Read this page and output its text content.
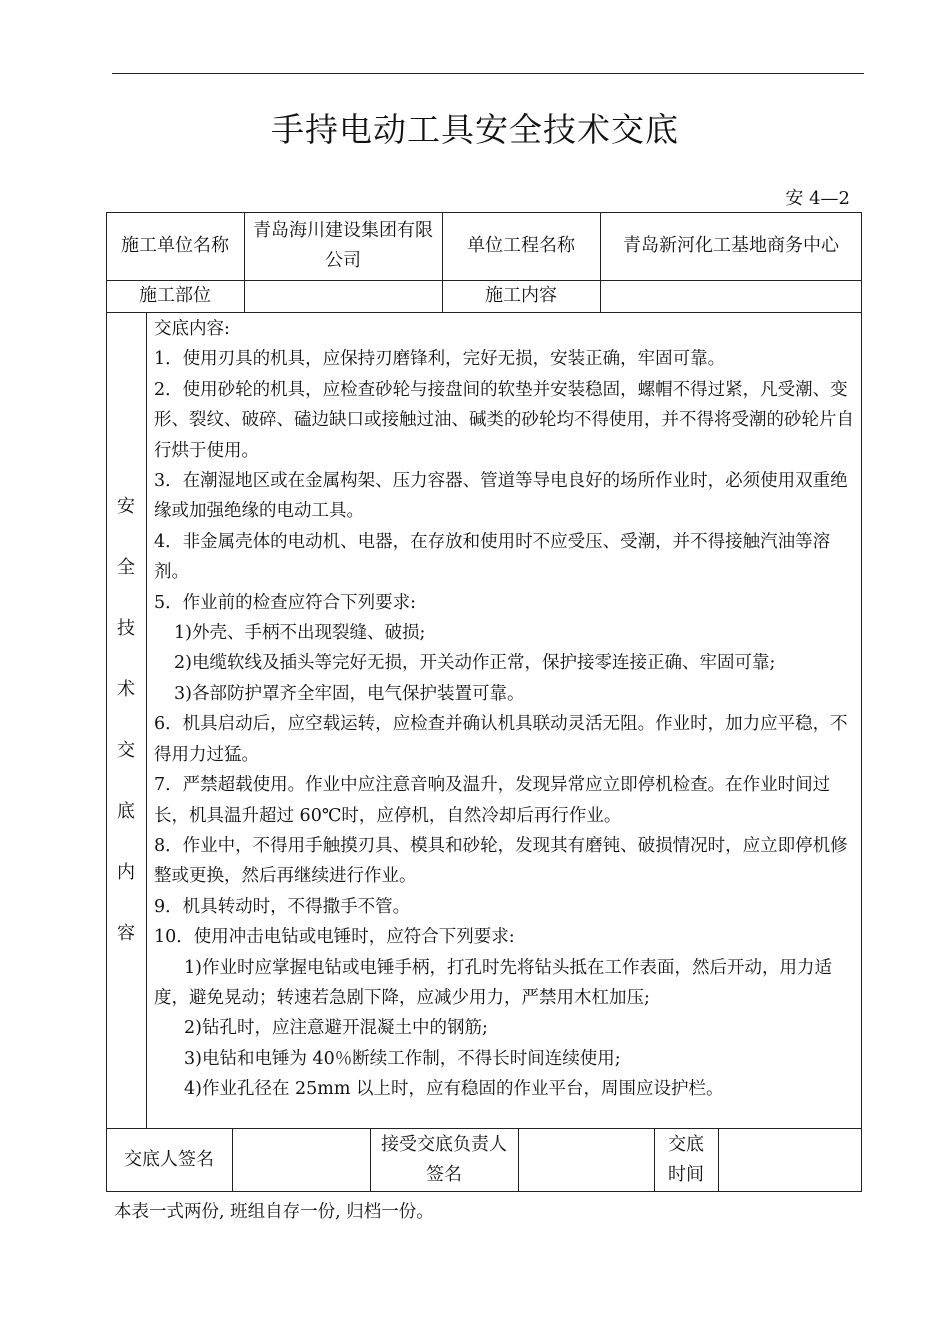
手持电动工具安全技术交底
安 4—2
施工单位名称
青岛海川建设集团有限公司
单位工程名称	青岛新河化工基地商务中心
施工部位	施工内容
安
全
技
术
交
底
内
容

交底内容:

1．使用刃具的机具，应保持刃磨锋利，完好无损，安装正确，牢固可靠。

2．使用砂轮的机具，应检查砂轮与接盘间的软垫并安装稳固，螺帽不得过紧，凡受潮、变形、裂纹、破碎、磕边缺口或接触过油、碱类的砂轮均不得使用，并不得将受潮的砂轮片自行烘于使用。

3．在潮湿地区或在金属构架、压力容器、管道等导电良好的场所作业时，必须使用双重绝缘或加强绝缘的电动工具。

4．非金属壳体的电动机、电器，在存放和使用时不应受压、受潮，并不得接触汽油等溶剂。

5．作业前的检查应符合下列要求:

1)外壳、手柄不出现裂缝、破损;

2)电缆软线及插头等完好无损，开关动作正常，保护接零连接正确、牢固可靠;

3)各部防护罩齐全牢固，电气保护装置可靠。

6．机具启动后，应空载运转，应检查并确认机具联动灵活无阻。作业时，加力应平稳，不得用力过猛。

7．严禁超载使用。作业中应注意音响及温升，发现异常应立即停机检查。在作业时间过长，机具温升超过 60℃时，应停机，自然冷却后再行作业。

8．作业中，不得用手触摸刃具、模具和砂轮，发现其有磨钝、破损情况时，应立即停机修整或更换，然后再继续进行作业。

9．机具转动时，不得撒手不管。

10．使用冲击电钻或电锤时，应符合下列要求:

1)作业时应掌握电钻或电锤手柄，打孔时先将钻头抵在工作表面，然后开动，用力适度，避免晃动；转速若急剧下降，应减少用力，严禁用木杠加压;

2)钻孔时，应注意避开混凝土中的钢筋;

3)电钻和电锤为 40％断续工作制，不得长时间连续使用;

4)作业孔径在 25mm 以上时，应有稳固的作业平台，周围应设护栏。

交底人签名
接受交底负责人
签名
交底
时间
本表一式两份, 班组自存一份, 归档一份。
